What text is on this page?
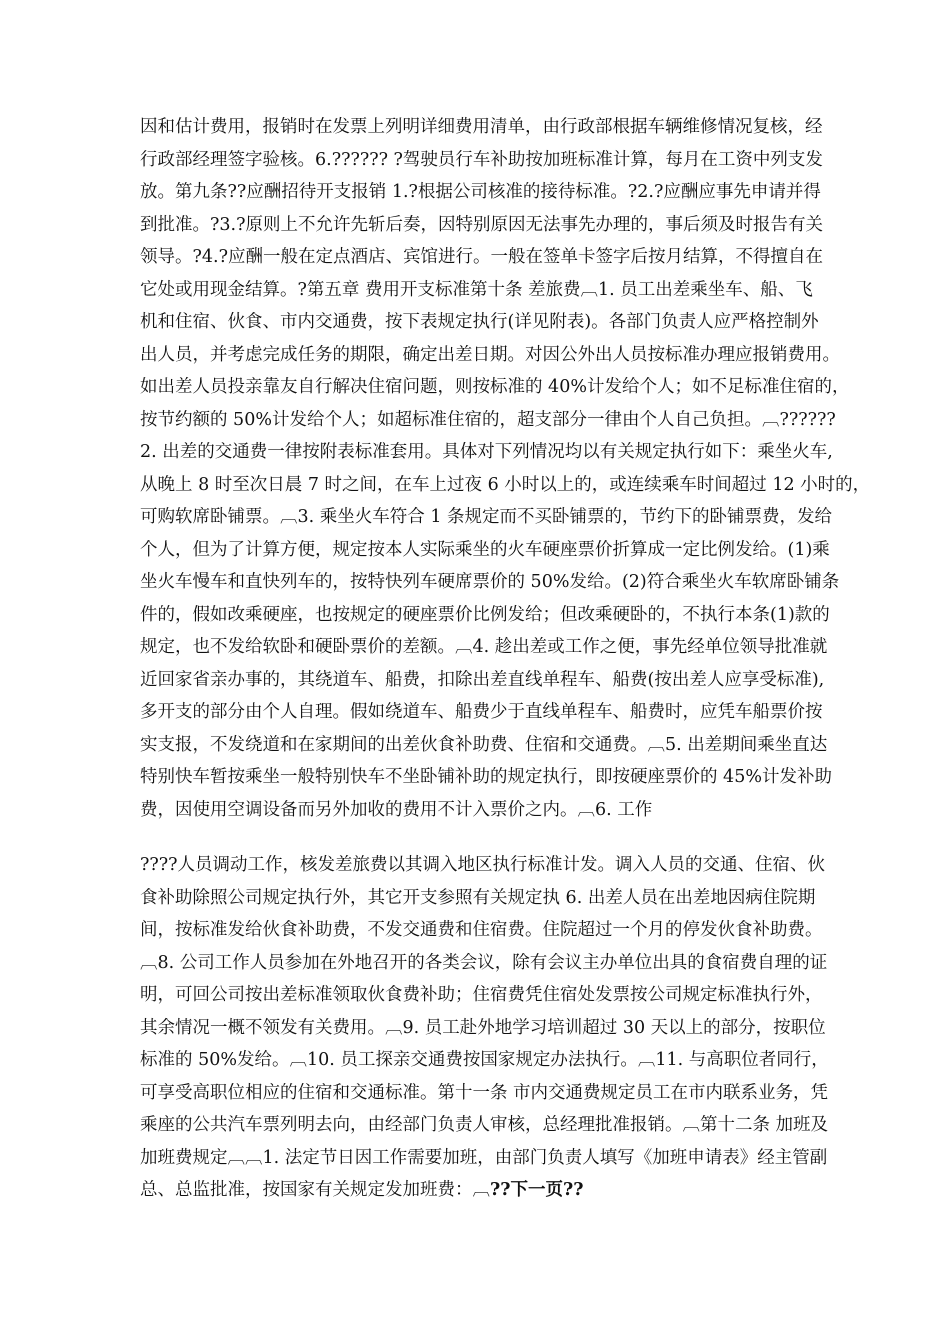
因和估计费用，报销时在发票上列明详细费用清单，由行政部根据车辆维修情况复核，经
行政部经理签字验核。6.?????? ?驾驶员行车补助按加班标准计算，每月在工资中列支发
放。第九条??应酬招待开支报销 1.?根据公司核准的接待标准。?2.?应酬应事先申请并得
到批准。?3.?原则上不允许先斩后奏，因特别原因无法事先办理的，事后须及时报告有关
领导。?4.?应酬一般在定点酒店、宾馆进行。一般在签单卡签字后按月结算，不得擅自在
它处或用现金结算。?第五章 费用开支标准第十条 差旅费︹1. 员工出差乘坐车、船、飞
机和住宿、伙食、市内交通费，按下表规定执行(详见附表)。各部门负责人应严格控制外
出人员，并考虑完成任务的期限，确定出差日期。对因公外出人员按标准办理应报销费用。
如出差人员投亲靠友自行解决住宿问题，则按标准的 40%计发给个人；如不足标准住宿的，
按节约额的 50%计发给个人；如超标准住宿的，超支部分一律由个人自己负担。︹??????
2. 出差的交通费一律按附表标准套用。具体对下列情况均以有关规定执行如下：乘坐火车,
从晚上 8 时至次日晨 7 时之间，在车上过夜 6 小时以上的，或连续乘车时间超过 12 小时的，
可购软席卧铺票。︹3. 乘坐火车符合 1 条规定而不买卧铺票的，节约下的卧铺票费，发给
个人，但为了计算方便，规定按本人实际乘坐的火车硬座票价折算成一定比例发给。(1)乘
坐火车慢车和直快列车的，按特快列车硬席票价的 50%发给。(2)符合乘坐火车软席卧铺条
件的，假如改乘硬座，也按规定的硬座票价比例发给；但改乘硬卧的，不执行本条(1)款的
规定，也不发给软卧和硬卧票价的差额。︹4. 趁出差或工作之便，事先经单位领导批准就
近回家省亲办事的，其绕道车、船费，扣除出差直线单程车、船费(按出差人应享受标准),
多开支的部分由个人自理。假如绕道车、船费少于直线单程车、船费时，应凭车船票价按
实支报，不发绕道和在家期间的出差伙食补助费、住宿和交通费。︹5. 出差期间乘坐直达
特别快车暂按乘坐一般特别快车不坐卧铺补助的规定执行，即按硬座票价的 45%计发补助
费，因使用空调设备而另外加收的费用不计入票价之内。︹6. 工作
????人员调动工作，核发差旅费以其调入地区执行标准计发。调入人员的交通、住宿、伙
食补助除照公司规定执行外，其它开支参照有关规定执 6. 出差人员在出差地因病住院期
间，按标准发给伙食补助费，不发交通费和住宿费。住院超过一个月的停发伙食补助费。
︹8. 公司工作人员参加在外地召开的各类会议，除有会议主办单位出具的食宿费自理的证
明，可回公司按出差标准领取伙食费补助；住宿费凭住宿处发票按公司规定标准执行外，
其余情况一概不领发有关费用。︹9. 员工赴外地学习培训超过 30 天以上的部分，按职位
标准的 50%发给。︹10. 员工探亲交通费按国家规定办法执行。︹11. 与高职位者同行，
可享受高职位相应的住宿和交通标准。第十一条 市内交通费规定员工在市内联系业务，凭
乘座的公共汽车票列明去向，由经部门负责人审核，总经理批准报销。︹第十二条 加班及
加班费规定︹︹1. 法定节日因工作需要加班，由部门负责人填写《加班申请表》经主管副
总、总监批准，按国家有关规定发加班费：︹??下一页??
